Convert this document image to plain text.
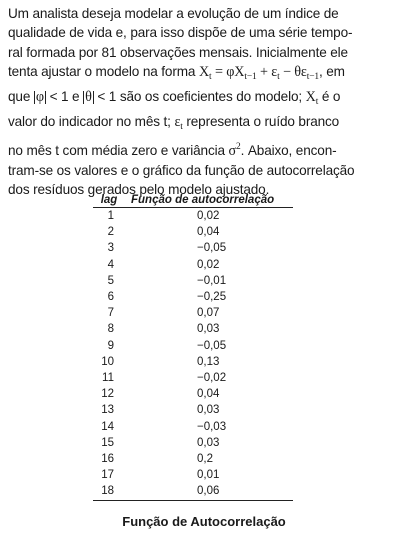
Um analista deseja modelar a evolução de um índice de
qualidade de vida e, para isso dispõe de uma série tempo-
ral formada por 81 observações mensais. Inicialmente ele
tenta ajustar o modelo na forma $X_t = \varphi X_{t-1} + \varepsilon_t - \theta\varepsilon_{t-1}$, em
que φ < 1 e θ < 1 são os coeficientes do modelo; $X_t$ é o
valor do indicador no mês t; $\varepsilon_t$ representa o ruído branco
no mês t com média zero e variância $\sigma^2$. Abaixo, encon-
tram-se os valores e o gráfico da função de autocorrelação
dos resíduos gerados pelo modelo ajustado.
lag	Função de autocorrelação
1	0,02
2	0,04
3	−0,05
4	0,02
5	−0,01
6	−0,25
7	0,07
8	0,03
9	−0,05
10	0,13
11	−0,02
12	0,04
13	0,03
14	−0,03
15	0,03
16	0,2
17	0,01
18	0,06
Função de Autocorrelação
